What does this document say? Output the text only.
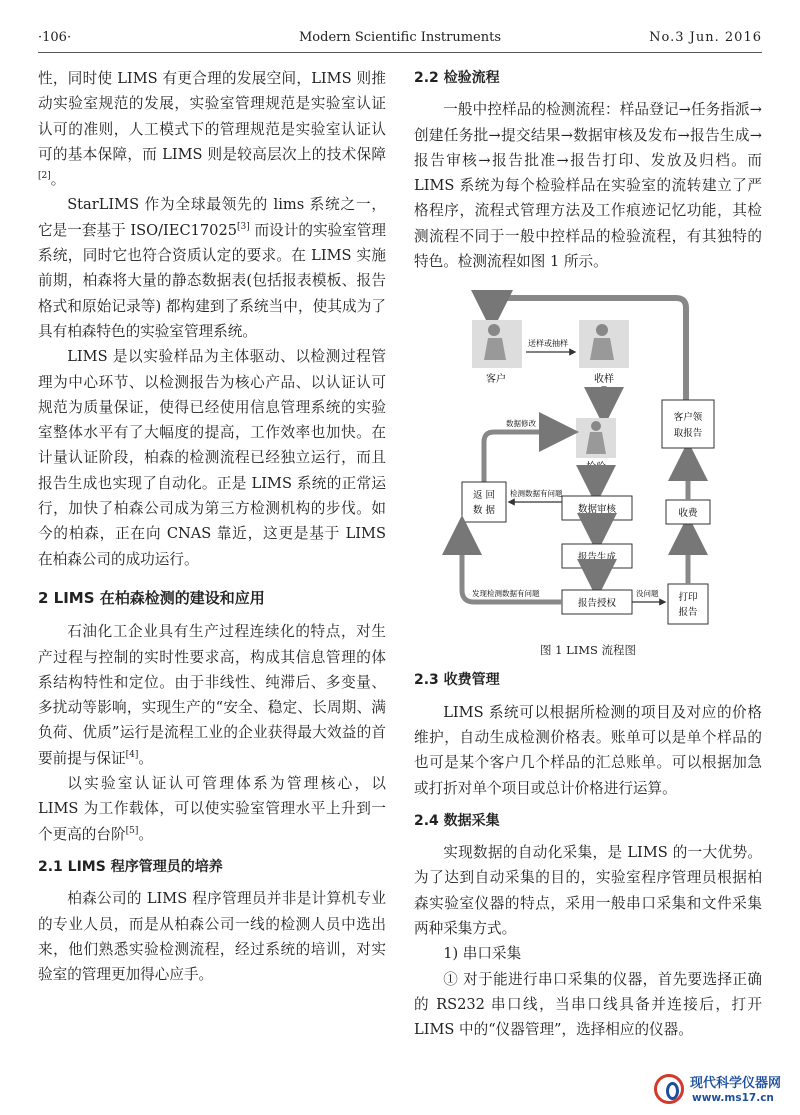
·106·	Modern Scientific Instruments	No.3 Jun. 2016

性，同时使 LIMS 有更合理的发展空间，LIMS 则推动实验室规范的发展，实验室管理规范是实验室认证认可的准则，人工模式下的管理规范是实验室认证认可的基本保障，而 LIMS 则是较高层次上的技术保障[2]。

StarLIMS 作为全球最领先的 lims 系统之一，它是一套基于 ISO/IEC17025[3] 而设计的实验室管理系统，同时它也符合资质认定的要求。在 LIMS 实施前期，柏森将大量的静态数据表(包括报表模板、报告格式和原始记录等) 都构建到了系统当中，使其成为了具有柏森特色的实验室管理系统。

LIMS 是以实验样品为主体驱动、以检测过程管理为中心环节、以检测报告为核心产品、以认证认可规范为质量保证，使得已经使用信息管理系统的实验室整体水平有了大幅度的提高，工作效率也加快。在计量认证阶段，柏森的检测流程已经独立运行，而且报告生成也实现了自动化。正是 LIMS 系统的正常运行，加快了柏森公司成为第三方检测机构的步伐。如今的柏森，正在向 CNAS 靠近，这更是基于 LIMS 在柏森公司的成功运行。

2 LIMS 在柏森检测的建设和应用

石油化工企业具有生产过程连续化的特点，对生产过程与控制的实时性要求高，构成其信息管理的体系结构特性和定位。由于非线性、纯滞后、多变量、多扰动等影响，实现生产的“安全、稳定、长周期、满负荷、优质”运行是流程工业的企业获得最大效益的首要前提与保证[4]。

以实验室认证认可管理体系为管理核心，以 LIMS 为工作载体，可以使实验室管理水平上升到一个更高的台阶[5]。

2.1 LIMS 程序管理员的培养

柏森公司的 LIMS 程序管理员并非是计算机专业的专业人员，而是从柏森公司一线的检测人员中选出来，他们熟悉实验检测流程，经过系统的培训，对实验室的管理更加得心应手。

2.2 检验流程

一般中控样品的检测流程：样品登记→任务指派→创建任务批→提交结果→数据审核及发布→报告生成→报告审核→报告批准→报告打印、发放及归档。而 LIMS 系统为每个检验样品在实验室的流转建立了严格程序，流程式管理方法及工作痕迹记忆功能，其检测流程不同于一般中控样品的检验流程，有其独特的特色。检测流程如图 1 所示。

客户
送样或抽样
收样
检验
数据修改
返 回数 据	数据审核
检测数据有问题
报告生成
报告授权
发现检测数据有问题	没问题 打印报告
收费
客户领取报告
图 1 LIMS 流程图
2.3 收费管理

LIMS 系统可以根据所检测的项目及对应的价格维护，自动生成检测价格表。账单可以是单个样品的也可是某个客户几个样品的汇总账单。可以根据加急或打折对单个项目或总计价格进行运算。

2.4 数据采集

实现数据的自动化采集，是 LIMS 的一大优势。为了达到自动采集的目的，实验室程序管理员根据柏森实验室仪器的特点，采用一般串口采集和文件采集两种采集方式。

1) 串口采集

① 对于能进行串口采集的仪器，首先要选择正确的 RS232 串口线，当串口线具备并连接后，打开 LIMS 中的“仪器管理”，选择相应的仪器。

现代科学仪器网
www.ms17.cn
